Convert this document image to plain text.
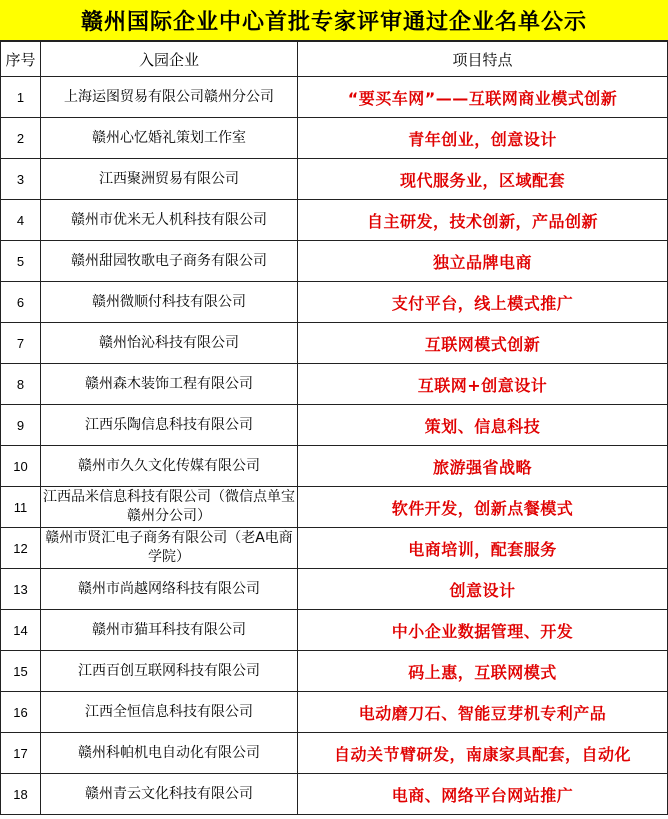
赣州国际企业中心首批专家评审通过企业名单公示
序号	入园企业	项目特点
1	上海运图贸易有限公司赣州分公司	“要买车网”——互联网商业模式创新
2	赣州心忆婚礼策划工作室	青年创业，创意设计
3	江西聚洲贸易有限公司	现代服务业，区域配套
4	赣州市优米无人机科技有限公司	自主研发，技术创新，产品创新
5	赣州甜园牧歌电子商务有限公司	独立品牌电商
6	赣州微顺付科技有限公司	支付平台，线上模式推广
7	赣州怡沁科技有限公司	互联网模式创新
8	赣州森木装饰工程有限公司	互联网+创意设计
9	江西乐陶信息科技有限公司	策划、信息科技
10	赣州市久久文化传媒有限公司	旅游强省战略
11	江西品米信息科技有限公司（微信点单宝赣州分公司）	软件开发，创新点餐模式
12	赣州市贤汇电子商务有限公司（老A电商学院）	电商培训，配套服务
13	赣州市尚越网络科技有限公司	创意设计
14	赣州市猫耳科技有限公司	中小企业数据管理、开发
15	江西百创互联网科技有限公司	码上惠，互联网模式
16	江西全恒信息科技有限公司	电动磨刀石、智能豆芽机专利产品
17	赣州科帕机电自动化有限公司	自动关节臂研发，南康家具配套，自动化
18	赣州青云文化科技有限公司	电商、网络平台网站推广
